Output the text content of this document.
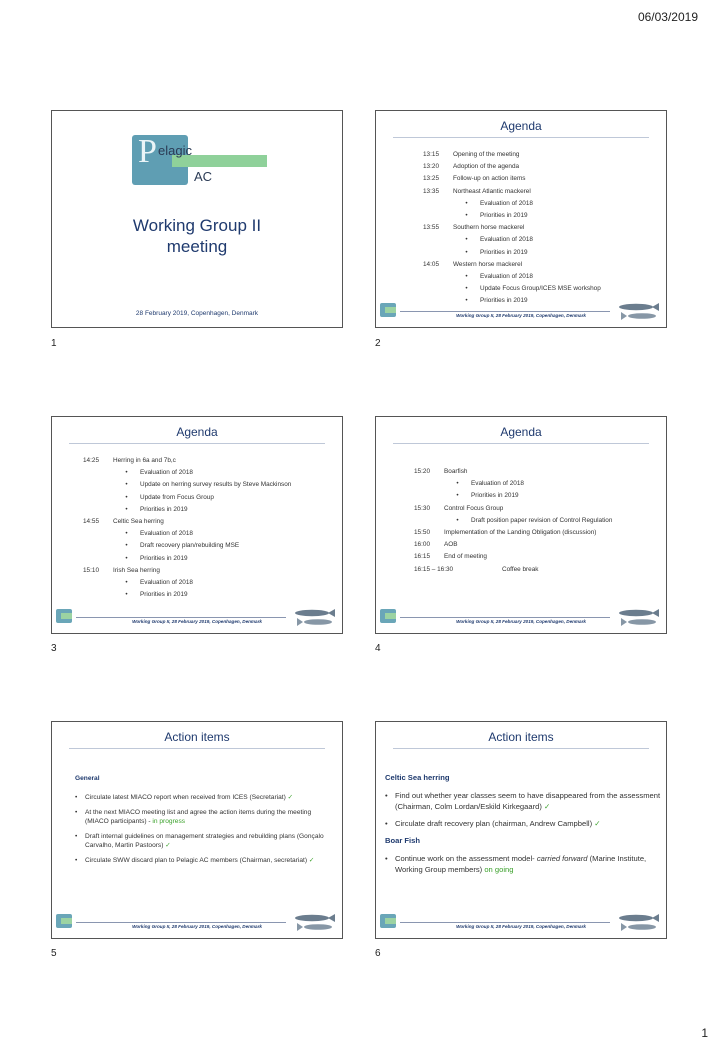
06/03/2019
P elagic
AC
Working Group II meeting
28 February 2019, Copenhagen, Denmark
1
Agenda
13:15	Opening of the meeting
13:20	Adoption of the agenda
13:25	Follow-up on action items
13:35	Northeast Atlantic mackerel
•	Evaluation of 2018
•	Priorities in 2019
13:55	Southern horse mackerel
•	Evaluation of 2018
•	Priorities in 2019
14:05	Western horse mackerel
•	Evaluation of 2018
•	Update Focus Group/ICES MSE workshop
•	Priorities in 2019
Working Group II, 28 February 2019, Copenhagen, Denmark
2
Agenda
14:25	Herring in 6a and 7b,c
•	Evaluation of 2018
•	Update on herring survey results by Steve Mackinson
•	Update from Focus Group
•	Priorities in 2019
14:55	Celtic Sea herring
•	Evaluation of 2018
•	Draft recovery plan/rebuilding MSE
•	Priorities in 2019
15:10	Irish Sea herring
•	Evaluation of 2018
•	Priorities in 2019
Working Group II, 28 February 2019, Copenhagen, Denmark
3
Agenda
15:20	Boarfish
•	Evaluation of 2018
•	Priorities in 2019
15:30	Control Focus Group
•	Draft position paper revision of Control Regulation
15:50	Implementation of the Landing Obligation (discussion)
16:00	AOB
16:15	End of meeting
16:15 – 16:30	Coffee break
Working Group II, 28 February 2019, Copenhagen, Denmark
4
Action items
General
•	Circulate latest MIACO report when received from ICES (Secretariat) ✓
•	At the next MIACO meeting list and agree the action items during the meeting (MIACO participants) - in progress
•	Draft internal guidelines on management strategies and rebuilding plans (Gonçalo Carvalho, Martin Pastoors) ✓
•	Circulate SWW discard plan to Pelagic AC members (Chairman, secretariat) ✓
Working Group II, 28 February 2019, Copenhagen, Denmark
5
Action items
Celtic Sea herring
• Find out whether year classes seem to have disappeared from the assessment (Chairman, Colm Lordan/Eskild Kirkegaard) ✓
• Circulate draft recovery plan (chairman, Andrew Campbell) ✓
Boar Fish
• Continue work on the assessment model- carried forward (Marine Institute, Working Group members) on going
Working Group II, 28 February 2019, Copenhagen, Denmark
6
1
